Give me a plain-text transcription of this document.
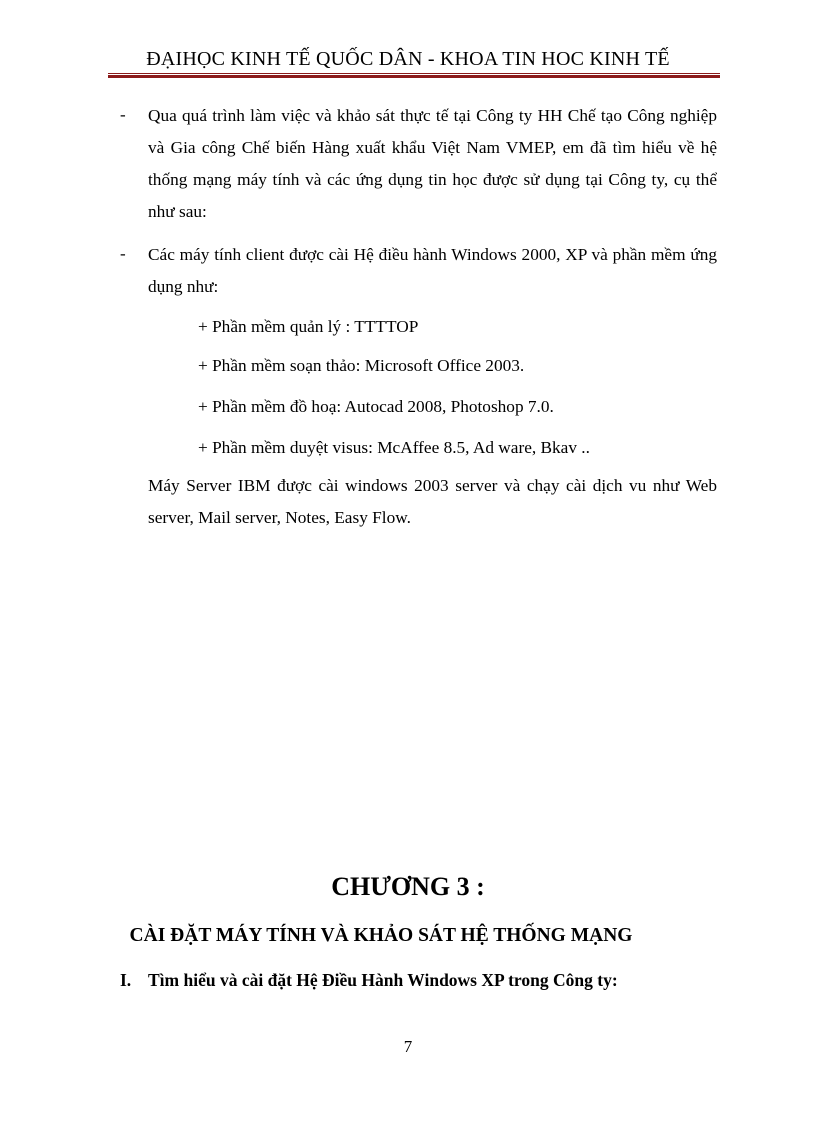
ĐẠIHỌC KINH TẾ QUỐC DÂN - KHOA TIN HOC KINH TẾ
- Qua quá trình làm việc và khảo sát thực tế tại Công ty HH Chế tạo Công nghiệp và Gia công Chế biến Hàng xuất khẩu Việt Nam VMEP, em đã tìm hiểu về hệ thống mạng máy tính và các ứng dụng tin học được sử dụng tại Công ty, cụ thể như sau:
- Các máy tính client được cài Hệ điều hành Windows 2000, XP và phần mềm ứng dụng như:
+ Phần mềm quản lý : TTTTOP
+ Phần mềm soạn thảo: Microsoft Office 2003.
+ Phần mềm đồ hoạ: Autocad 2008, Photoshop 7.0.
+ Phần mềm duyệt visus: McAffee 8.5, Ad ware, Bkav ..
Máy Server IBM được cài windows 2003 server và chạy cài dịch vu như Web server, Mail server, Notes, Easy Flow.
CHƯƠNG 3 :
CÀI ĐẶT MÁY TÍNH VÀ KHẢO SÁT HỆ THỐNG MẠNG
I. Tìm hiểu và cài đặt Hệ Điều Hành Windows XP trong Công ty:
7
